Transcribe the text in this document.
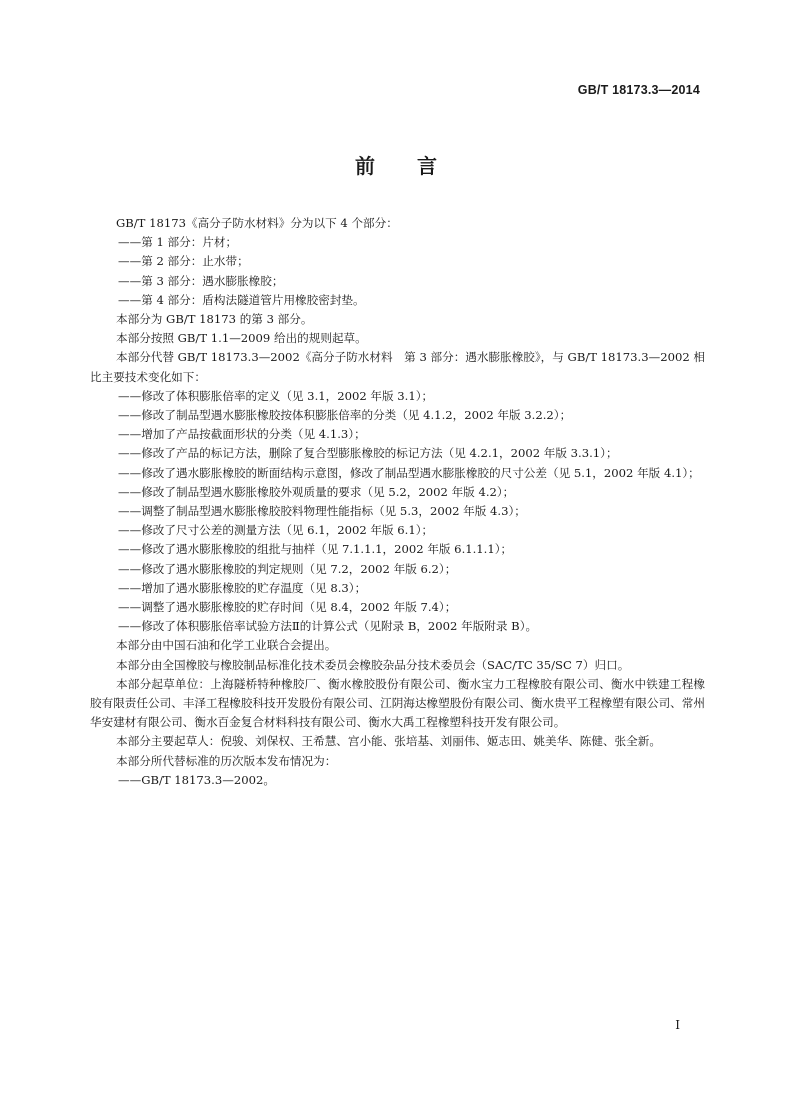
GB/T 18173.3—2014
前言

GB/T 18173《高分子防水材料》分为以下 4 个部分：

——第 1 部分：片材；

——第 2 部分：止水带；

——第 3 部分：遇水膨胀橡胶；

——第 4 部分：盾构法隧道管片用橡胶密封垫。

本部分为 GB/T 18173 的第 3 部分。

本部分按照 GB/T 1.1—2009 给出的规则起草。

本部分代替 GB/T 18173.3—2002《高分子防水材料　第 3 部分：遇水膨胀橡胶》，与 GB/T 18173.3—2002 相比主要技术变化如下：

——修改了体积膨胀倍率的定义（见 3.1，2002 年版 3.1）；

——修改了制品型遇水膨胀橡胶按体积膨胀倍率的分类（见 4.1.2，2002 年版 3.2.2）；

——增加了产品按截面形状的分类（见 4.1.3）；

——修改了产品的标记方法，删除了复合型膨胀橡胶的标记方法（见 4.2.1，2002 年版 3.3.1）；

——修改了遇水膨胀橡胶的断面结构示意图，修改了制品型遇水膨胀橡胶的尺寸公差（见 5.1，2002 年版 4.1）；

——修改了制品型遇水膨胀橡胶外观质量的要求（见 5.2，2002 年版 4.2）；

——调整了制品型遇水膨胀橡胶胶料物理性能指标（见 5.3，2002 年版 4.3）；

——修改了尺寸公差的测量方法（见 6.1，2002 年版 6.1）；

——修改了遇水膨胀橡胶的组批与抽样（见 7.1.1.1，2002 年版 6.1.1.1）；

——修改了遇水膨胀橡胶的判定规则（见 7.2，2002 年版 6.2）；

——增加了遇水膨胀橡胶的贮存温度（见 8.3）；

——调整了遇水膨胀橡胶的贮存时间（见 8.4，2002 年版 7.4）；

——修改了体积膨胀倍率试验方法Ⅱ的计算公式（见附录 B，2002 年版附录 B）。

本部分由中国石油和化学工业联合会提出。

本部分由全国橡胶与橡胶制品标准化技术委员会橡胶杂品分技术委员会（SAC/TC 35/SC 7）归口。

本部分起草单位：上海隧桥特种橡胶厂、衡水橡胶股份有限公司、衡水宝力工程橡胶有限公司、衡水中铁建工程橡胶有限责任公司、丰泽工程橡胶科技开发股份有限公司、江阴海达橡塑股份有限公司、衡水贵平工程橡塑有限公司、常州华安建材有限公司、衡水百金复合材料科技有限公司、衡水大禹工程橡塑科技开发有限公司。

本部分主要起草人：倪骏、刘保权、王希慧、宫小能、张培基、刘丽伟、姬志田、姚美华、陈健、张全新。

本部分所代替标准的历次版本发布情况为：

——GB/T 18173.3—2002。

Ⅰ
